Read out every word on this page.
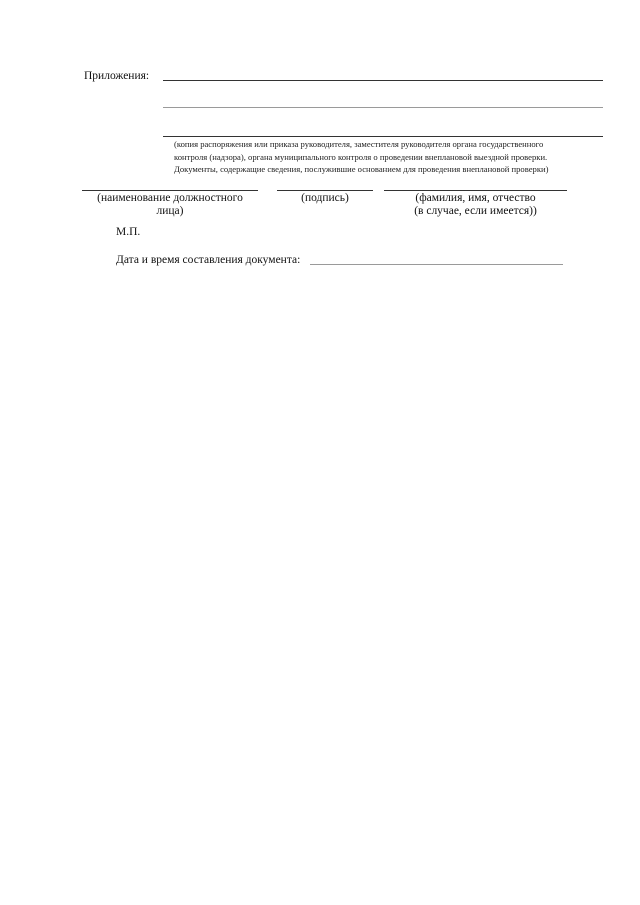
Приложения:
(копия распоряжения или приказа руководителя, заместителя руководителя органа государственного
контроля (надзора), органа муниципального контроля о проведении внеплановой выездной проверки.
Документы, содержащие сведения, послужившие основанием для проведения внеплановой проверки)
(наименование должностного
лица)
(подпись)	(фамилия, имя, отчество
(в случае, если имеется))
М.П.
Дата и время составления документа:
